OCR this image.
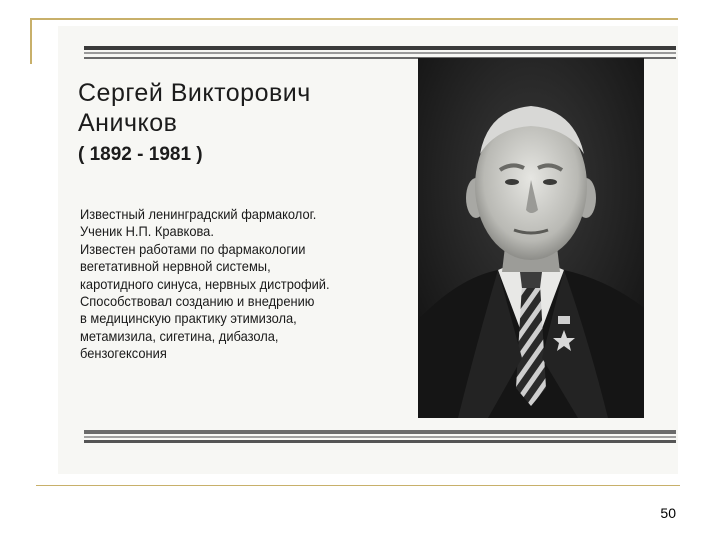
Сергей Викторович
Аничков
( 1892 - 1981 )
Известный ленинградский фармаколог.
Ученик Н.П. Кравкова.
Известен работами по фармакологии
вегетативной нервной системы,
каротидного синуса, нервных дистрофий.
Способствовал созданию и внедрению
в медицинскую практику этимизола,
метамизила, сигетина, дибазола,
бензогексония
50
